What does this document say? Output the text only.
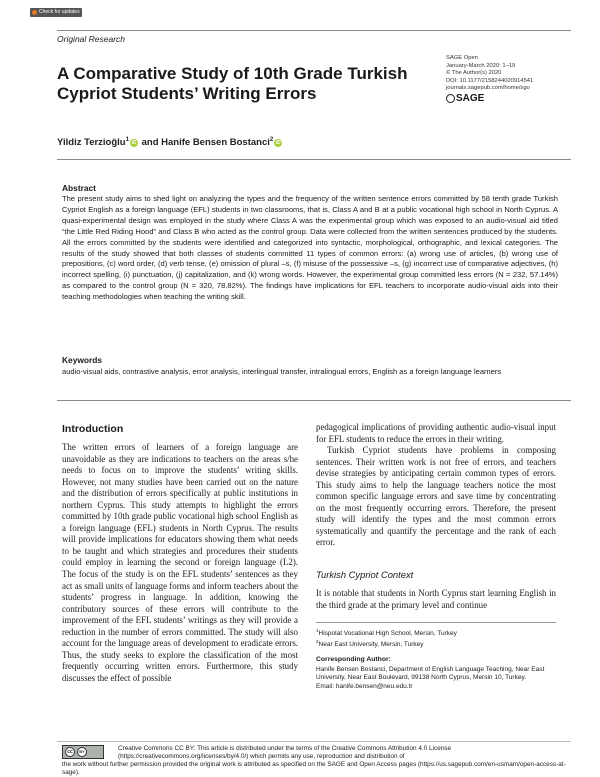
Check for updates
Original Research
A Comparative Study of 10th Grade Turkish Cypriot Students’ Writing Errors
SAGE Open
January-March 2020: 1–19
© The Author(s) 2020
DOI: 10.1177/2158244020914541
journals.sagepub.com/home/sgo
SAGE
Yildiz Terzioğlu$^1$ iD and Hanife Bensen Bostanci$^2$ iD
Abstract
The present study aims to shed light on analyzing the types and the frequency of the written sentence errors committed by 58 tenth grade Turkish Cypriot English as a foreign language (EFL) students in two classrooms, that is, Class A and B at a public vocational high school in North Cyprus. A quasi-experimental design was employed in the study where Class A was the experimental group which was exposed to an audio-visual aid titled “the Little Red Riding Hood” and Class B who acted as the control group. Data were collected from the written sentences produced by the students. All the errors committed by the students were identified and categorized into syntactic, morphological, orthographic, and lexical categories. The results of the study showed that both classes of students committed 11 types of common errors: (a) wrong use of articles, (b) wrong use of prepositions, (c) word order, (d) verb tense, (e) omission of plural –s, (f) misuse of the possessive –s, (g) incorrect use of comparative adjectives, (h) incorrect spelling, (i) punctuation, (j) capitalization, and (k) wrong words. However, the experimental group committed less errors (N = 232, 57.14%) as compared to the control group (N = 320, 78.82%). The findings have implications for EFL teachers to incorporate audio-visual aids into their teaching methodologies when teaching the writing skill.
Keywords
audio-visual aids, contrastive analysis, error analysis, interlingual transfer, intralingual errors, English as a foreign language learners
Introduction

The written errors of learners of a foreign language are unavoidable as they are indications to teachers on the areas s/he needs to focus on to improve the students’ writing skills. However, not many studies have been carried out on the nature and the distribution of errors specifically at public institutions in northern Cyprus. This study attempts to highlight the errors committed by 10th grade public vocational high school English as a foreign language (EFL) students in North Cyprus. The results will provide implications for educators showing them what needs to be taught and which strategies and procedures their students could employ in learning the second or foreign language (L2). The focus of the study is on the EFL students’ sentences as they act as small units of language forms and inform teachers about the students’ progress in language. In addition, knowing the contributory sources of these errors will contribute to the improvement of the EFL students’ writings as they will provide a reduction in the number of errors committed. The study will also account for the language areas of development to eradicate errors. Thus, the study seeks to explore the classification of the most frequently occurring written errors. Furthermore, this study discusses the effect of possible

pedagogical implications of providing authentic audio-visual input for EFL students to reduce the errors in their writing.

Turkish Cypriot students have problems in composing sentences. Their written work is not free of errors, and teachers devise strategies by anticipating certain common types of errors. This study aims to help the language teachers notice the most common specific language errors and save time by concentrating on the most frequently occurring errors. Therefore, the present study will identify the types and the most common errors systematically and quantify the percentage and the rank of each error.

Turkish Cypriot Context
It is notable that students in North Cyprus start learning English in the third grade at the primary level and continue
$^1$Hispolat Vocational High School, Mersin, Turkey
$^2$Near East University, Mersin, Turkey
Corresponding Author:
Hanife Bensen Bostanci, Department of English Language Teaching, Near East University, Near East Boulevard, 99138 North Cyprus, Mersin 10, Turkey.
Email: hanife.bensen@neu.edu.tr
cc	BY	Creative Commons CC BY: This article is distributed under the terms of the Creative Commons Attribution 4.0 License (https://creativecommons.org/licenses/by/4.0/) which permits any use, reproduction and distribution of
the work without further permission provided the original work is attributed as specified on the SAGE and Open Access pages (https://us.sagepub.com/en-us/nam/open-access-at-sage).
